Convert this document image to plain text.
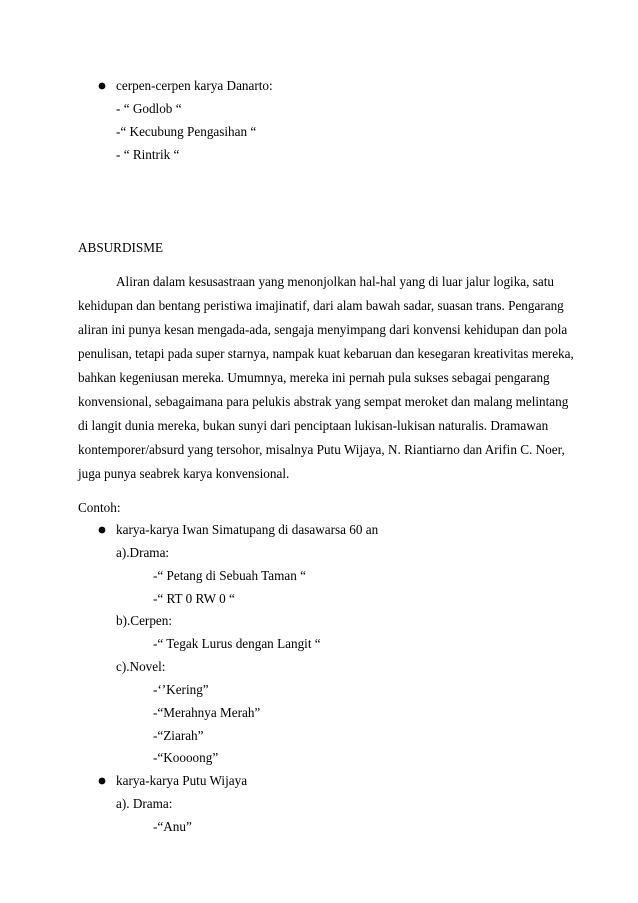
cerpen-cerpen karya Danarto:
- “ Godlob “
-“ Kecubung Pengasihan “
- “ Rintrik “
ABSURDISME
Aliran dalam kesusastraan yang menonjolkan hal-hal yang di luar jalur logika, satu
kehidupan dan bentang peristiwa imajinatif, dari alam bawah sadar, suasan trans. Pengarang
aliran ini punya kesan mengada-ada, sengaja menyimpang dari konvensi kehidupan dan pola
penulisan, tetapi pada super starnya, nampak kuat kebaruan dan kesegaran kreativitas mereka,
bahkan kegeniusan mereka. Umumnya, mereka ini pernah pula sukses sebagai pengarang
konvensional, sebagaimana para pelukis abstrak yang sempat meroket dan malang melintang
di langit dunia mereka, bukan sunyi dari penciptaan lukisan-lukisan naturalis. Dramawan
kontemporer/absurd yang tersohor, misalnya Putu Wijaya, N. Riantiarno dan Arifin C. Noer,
juga punya seabrek karya konvensional.
Contoh:
karya-karya Iwan Simatupang di dasawarsa 60 an
a).Drama:
-“ Petang di Sebuah Taman “
-“ RT 0 RW 0 “
b).Cerpen:
-“ Tegak Lurus dengan Langit “
c).Novel:
-‘’Kering”
-“Merahnya Merah”
-“Ziarah”
-“Koooong”
karya-karya Putu Wijaya
a). Drama:
-“Anu”
